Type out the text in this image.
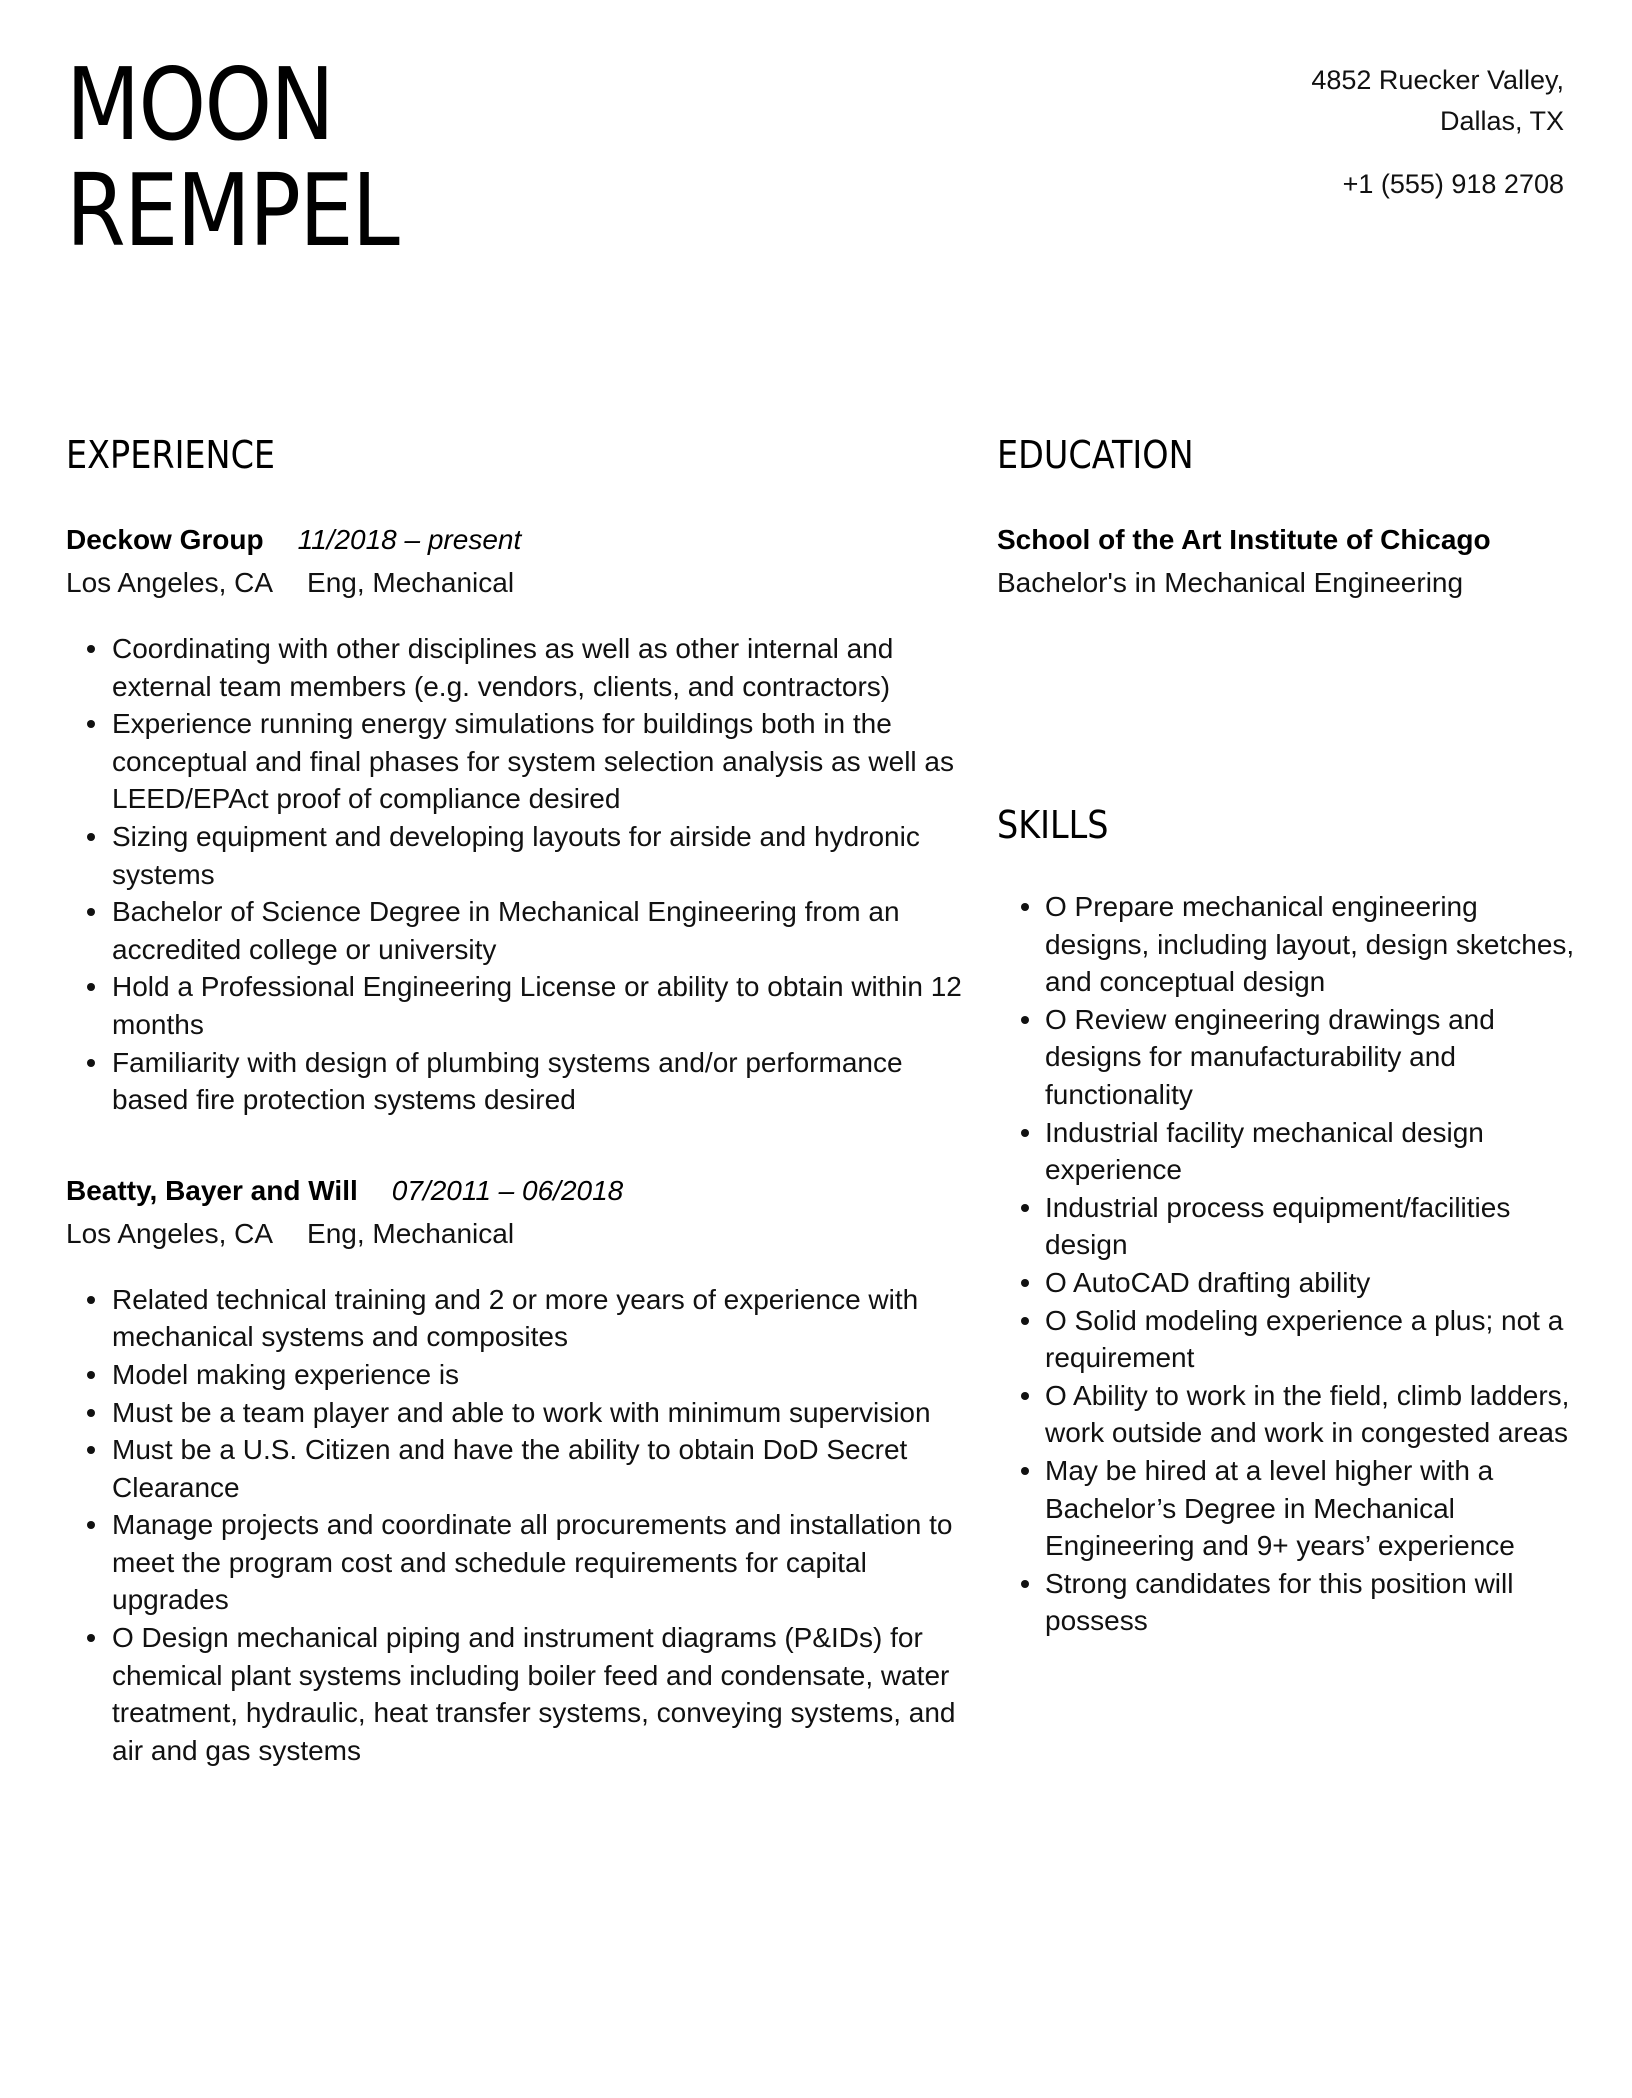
MOON
REMPEL
4852 Ruecker Valley,
Dallas, TX
+1 (555) 918 2708
EXPERIENCE
Deckow Group 11/2018 – present
Los Angeles, CA Eng, Mechanical
Coordinating with other disciplines as well as other internal and external team members (e.g. vendors, clients, and contractors)
Experience running energy simulations for buildings both in the conceptual and final phases for system selection analysis as well as LEED/EPAct proof of compliance desired
Sizing equipment and developing layouts for airside and hydronic systems
Bachelor of Science Degree in Mechanical Engineering from an accredited college or university
Hold a Professional Engineering License or ability to obtain within 12 months
Familiarity with design of plumbing systems and/or performance based fire protection systems desired
Beatty, Bayer and Will 07/2011 – 06/2018
Los Angeles, CA Eng, Mechanical
Related technical training and 2 or more years of experience with mechanical systems and composites
Model making experience is
Must be a team player and able to work with minimum supervision
Must be a U.S. Citizen and have the ability to obtain DoD Secret Clearance
Manage projects and coordinate all procurements and installation to meet the program cost and schedule requirements for capital upgrades
O Design mechanical piping and instrument diagrams (P&IDs) for chemical plant systems including boiler feed and condensate, water treatment, hydraulic, heat transfer systems, conveying systems, and air and gas systems
EDUCATION
School of the Art Institute of Chicago
Bachelor's in Mechanical Engineering
SKILLS
O Prepare mechanical engineering designs, including layout, design sketches, and conceptual design
O Review engineering drawings and designs for manufacturability and functionality
Industrial facility mechanical design experience
Industrial process equipment/facilities design
O AutoCAD drafting ability
O Solid modeling experience a plus; not a requirement
O Ability to work in the field, climb ladders, work outside and work in congested areas
May be hired at a level higher with a Bachelor’s Degree in Mechanical Engineering and 9+ years’ experience
Strong candidates for this position will possess
